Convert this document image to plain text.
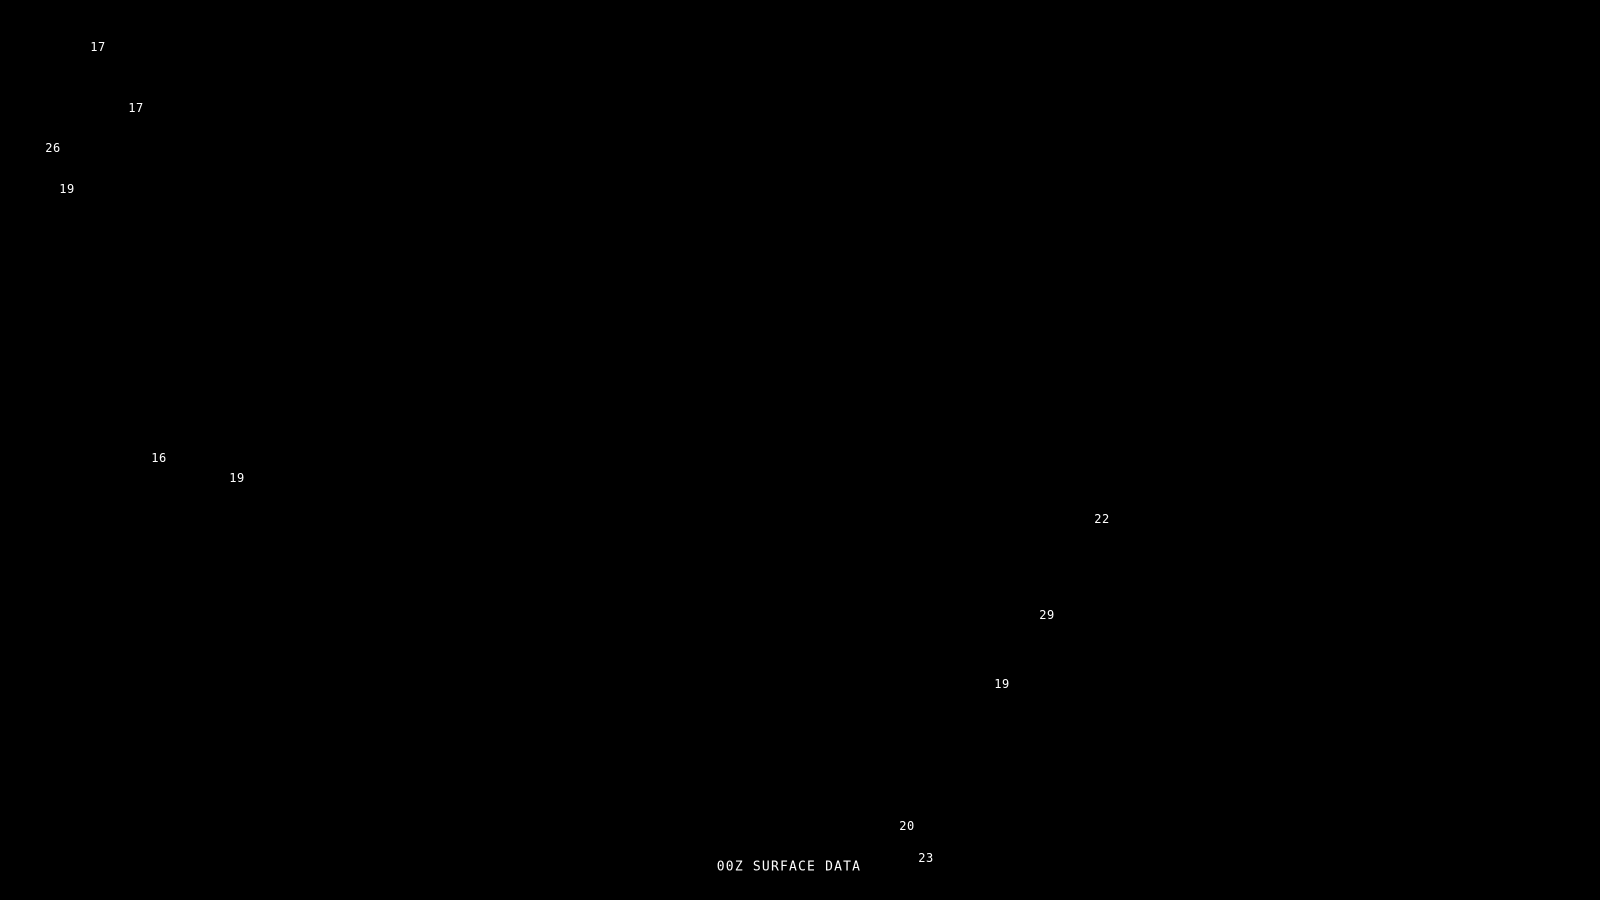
17
17
26
19
16
19
22
29
19
20
23
00Z SURFACE DATA
